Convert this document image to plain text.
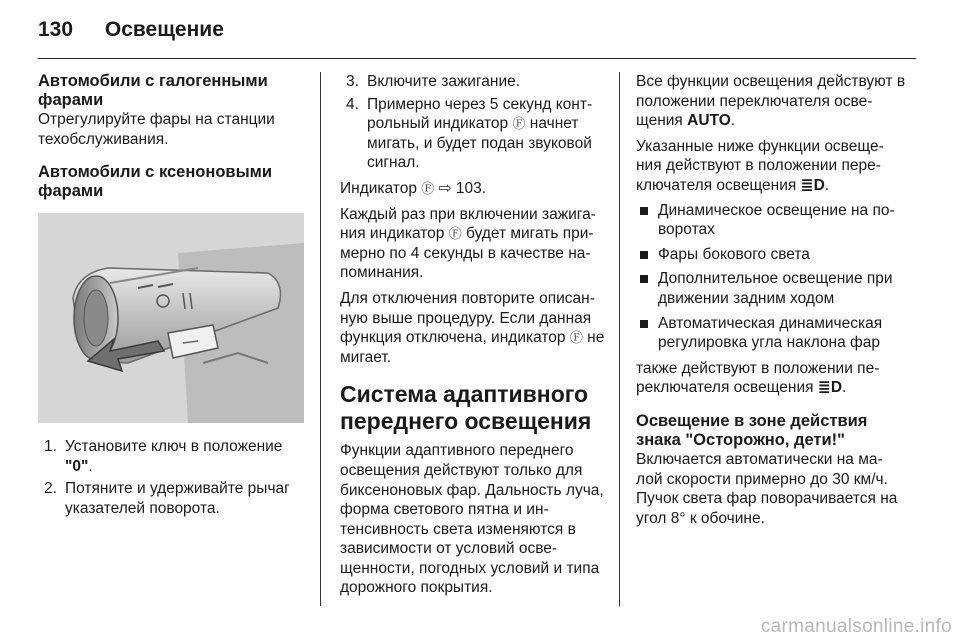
130 Освещение
Автомобили с галогенными фарами

Отрегулируйте фары на станции техобслуживания.

Автомобили с ксеноновыми фарами
1. Установите ключ в положение "0".
2. Потяните и удерживайте рычаг указателей поворота.
3. Включите зажигание.
4. Примерно через 5 секунд конт-рольный индикатор Ⓕ начнет мигать, и будет подан звуковой сигнал.

Индикатор Ⓕ ⇨ 103.

Каждый раз при включении зажига-ния индикатор Ⓕ будет мигать при-мерно по 4 секунды в качестве на-поминания.

Для отключения повторите описан-ную выше процедуру. Если данная функция отключена, индикатор Ⓕ не мигает.

Система адаптивного переднего освещения

Функции адаптивного переднего освещения действуют только для биксеноновых фар. Дальность луча, форма светового пятна и ин-тенсивность света изменяются в зависимости от условий осве-щенности, погодных условий и типа дорожного покрытия.

Все функции освещения действуют в положении переключателя осве-щения AUTO.

Указанные ниже функции освеще-ния действуют в положении пере-ключателя освещения ≣D.

Динамическое освещение на по-воротах
Фары бокового света
Дополнительное освещение при движении задним ходом
Автоматическая динамическая регулировка угла наклона фар

также действуют в положении пе-реключателя освещения ≣D.

Освещение в зоне действия знака "Осторожно, дети!"

Включается автоматически на ма-лой скорости примерно до 30 км/ч. Пучок света фар поворачивается на угол 8° к обочине.

carmanualsonline.info
